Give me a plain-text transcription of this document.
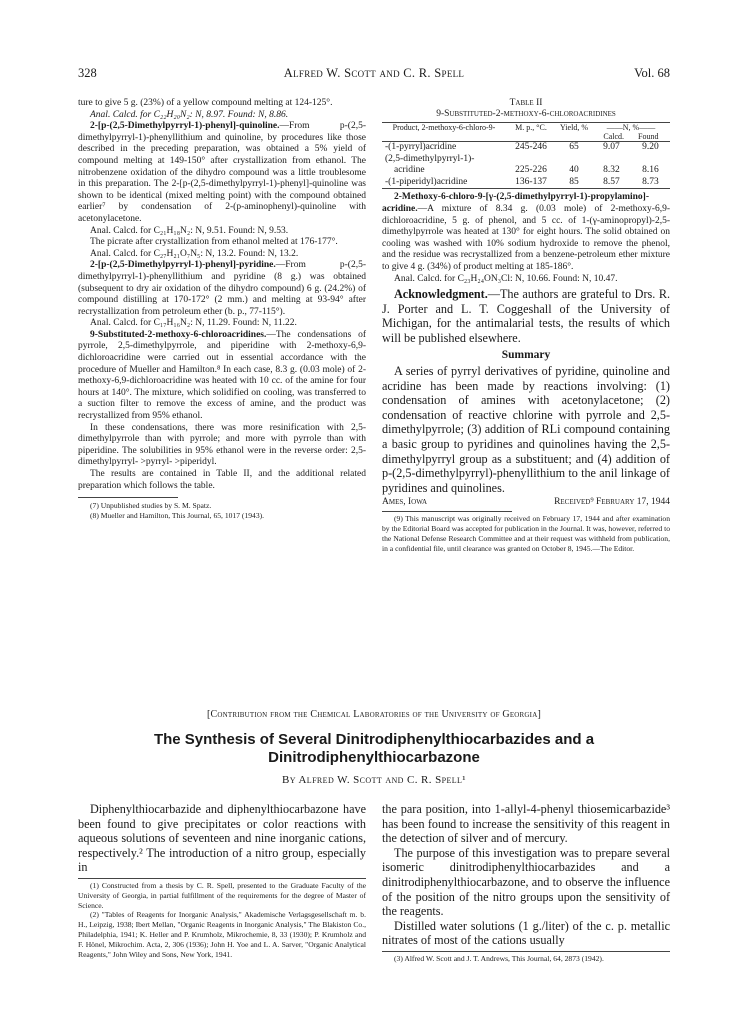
328	Alfred W. Scott and C. R. Spell	Vol. 68

ture to give 5 g. (23%) of a yellow compound melting at 124-125°.

Anal. Calcd. for C₂₂H₂₀N₂: N, 8.97. Found: N, 8.86.

2-[p-(2,5-Dimethylpyrryl-1)-phenyl]-quinoline.—From p-(2,5-dimethylpyrryl-1)-phenyllithium and quinoline, by procedures like those described in the preceding preparation, was obtained a 5% yield of compound melting at 149-150° after crystallization from ethanol. The nitrobenzene oxidation of the dihydro compound was a little troublesome in this preparation. The 2-[p-(2,5-dimethylpyrryl-1)-phenyl]-quinoline was shown to be identical (mixed melting point) with the compound obtained earlier⁷ by condensation of 2-(p-aminophenyl)-quinoline with acetonylacetone.

Anal. Calcd. for C₂₁H₁₈N₂: N, 9.51. Found: N, 9.53.

The picrate after crystallization from ethanol melted at 176-177°.

Anal. Calcd. for C₂₇H₂₁O₇N₅: N, 13.2. Found: N, 13.2.

2-[p-(2,5-Dimethylpyrryl-1)-phenyl]-pyridine.—From p-(2,5-dimethylpyrryl-1)-phenyllithium and pyridine (8 g.) was obtained (subsequent to dry air oxidation of the dihydro compound) 6 g. (24.2%) of compound distilling at 170-172° (2 mm.) and melting at 93-94° after recrystallization from petroleum ether (b. p., 77-115°).

Anal. Calcd. for C₁₇H₁₆N₂: N, 11.29. Found: N, 11.22.

9-Substituted-2-methoxy-6-chloroacridines.—The condensations of pyrrole, 2,5-dimethylpyrrole, and piperidine with 2-methoxy-6,9-dichloroacridine were carried out in essential accordance with the procedure of Mueller and Hamilton.⁸ In each case, 8.3 g. (0.03 mole) of 2-methoxy-6,9-dichloroacridine was heated with 10 cc. of the amine for four hours at 140°. The mixture, which solidified on cooling, was transferred to a suction filter to remove the excess of amine, and the product was recrystallized from 95% ethanol.

In these condensations, there was more resinification with 2,5-dimethylpyrrole than with pyrrole; and more with pyrrole than with piperidine. The solubilities in 95% ethanol were in the reverse order: 2,5-dimethylpyrryl- >pyrryl- >piperidyl.

The results are contained in Table II, and the additional related preparation which follows the table.

(7) Unpublished studies by S. M. Spatz.

(8) Mueller and Hamilton, This Journal, 65, 1017 (1943).

Table II
9-Substituted-2-methoxy-6-chloroacridines
Product, 2-methoxy-6-chloro-9-	M. p., °C.	Yield, %	——N, %——
Calcd. Found	
-(1-pyrryl)acridine	245-246	65	9.07	9.20
(2,5-dimethylpyrryl-1)-				
acridine	225-226	40	8.32	8.16
-(1-piperidyl)acridine	136-137	85	8.57	8.73

2-Methoxy-6-chloro-9-[γ-(2,5-dimethylpyrryl-1)-propylamino]-acridine.—A mixture of 8.34 g. (0.03 mole) of 2-methoxy-6,9-dichloroacridine, 5 g. of phenol, and 5 cc. of 1-(γ-aminopropyl)-2,5-dimethylpyrrole was heated at 130° for eight hours. The solid obtained on cooling was washed with 10% sodium hydroxide to remove the phenol, and the residue was recrystallized from a benzene-petroleum ether mixture to give 4 g. (34%) of product melting at 185-186°.

Anal. Calcd. for C₂₃H₂₄ON₃Cl: N, 10.66. Found: N, 10.47.

Acknowledgment.—The authors are grateful to Drs. R. J. Porter and L. T. Coggeshall of the University of Michigan, for the antimalarial tests, the results of which will be published elsewhere.

Summary

A series of pyrryl derivatives of pyridine, quinoline and acridine has been made by reactions involving: (1) condensation of amines with acetonylacetone; (2) condensation of reactive chlorine with pyrrole and 2,5-dimethylpyrrole; (3) addition of RLi compound containing a basic group to pyridines and quinolines having the 2,5-dimethylpyrryl group as a substituent; and (4) addition of p-(2,5-dimethylpyrryl)-phenyllithium to the anil linkage of pyridines and quinolines.

Ames, Iowa	Received⁹ February 17, 1944

(9) This manuscript was originally received on February 17, 1944 and after examination by the Editorial Board was accepted for publication in the Journal. It was, however, referred to the National Defense Research Committee and at their request was withheld from publication, in a confidential file, until clearance was granted on October 8, 1945.—The Editor.

[Contribution from the Chemical Laboratories of the University of Georgia]
The Synthesis of Several Dinitrodiphenylthiocarbazides and a
Dinitrodiphenylthiocarbazone
By Alfred W. Scott and C. R. Spell¹

Diphenylthiocarbazide and diphenylthiocarbazone have been found to give precipitates or color reactions with aqueous solutions of seventeen and nine inorganic cations, respectively.² The introduction of a nitro group, especially in

(1) Constructed from a thesis by C. R. Spell, presented to the Graduate Faculty of the University of Georgia, in partial fulfillment of the requirements for the degree of Master of Science.

(2) "Tables of Reagents for Inorganic Analysis," Akademische Verlagsgesellschaft m. b. H., Leipzig, 1938; Ibert Mellan, "Organic Reagents in Inorganic Analysis," The Blakiston Co., Philadelphia, 1941; K. Heller and P. Krumholz, Mikrochemie, 8, 33 (1930); P. Krumholz and F. Hönel, Mikrochim. Acta, 2, 306 (1936); John H. Yoe and L. A. Sarver, "Organic Analytical Reagents," John Wiley and Sons, New York, 1941.

the para position, into 1-allyl-4-phenyl thiosemicarbazide³ has been found to increase the sensitivity of this reagent in the detection of silver and of mercury.

The purpose of this investigation was to prepare several isomeric dinitrodiphenylthiocarbazides and a dinitrodiphenylthiocarbazone, and to observe the influence of the position of the nitro groups upon the sensitivity of the reagents.

Distilled water solutions (1 g./liter) of the c. p. metallic nitrates of most of the cations usually

(3) Alfred W. Scott and J. T. Andrews, This Journal, 64, 2873 (1942).
